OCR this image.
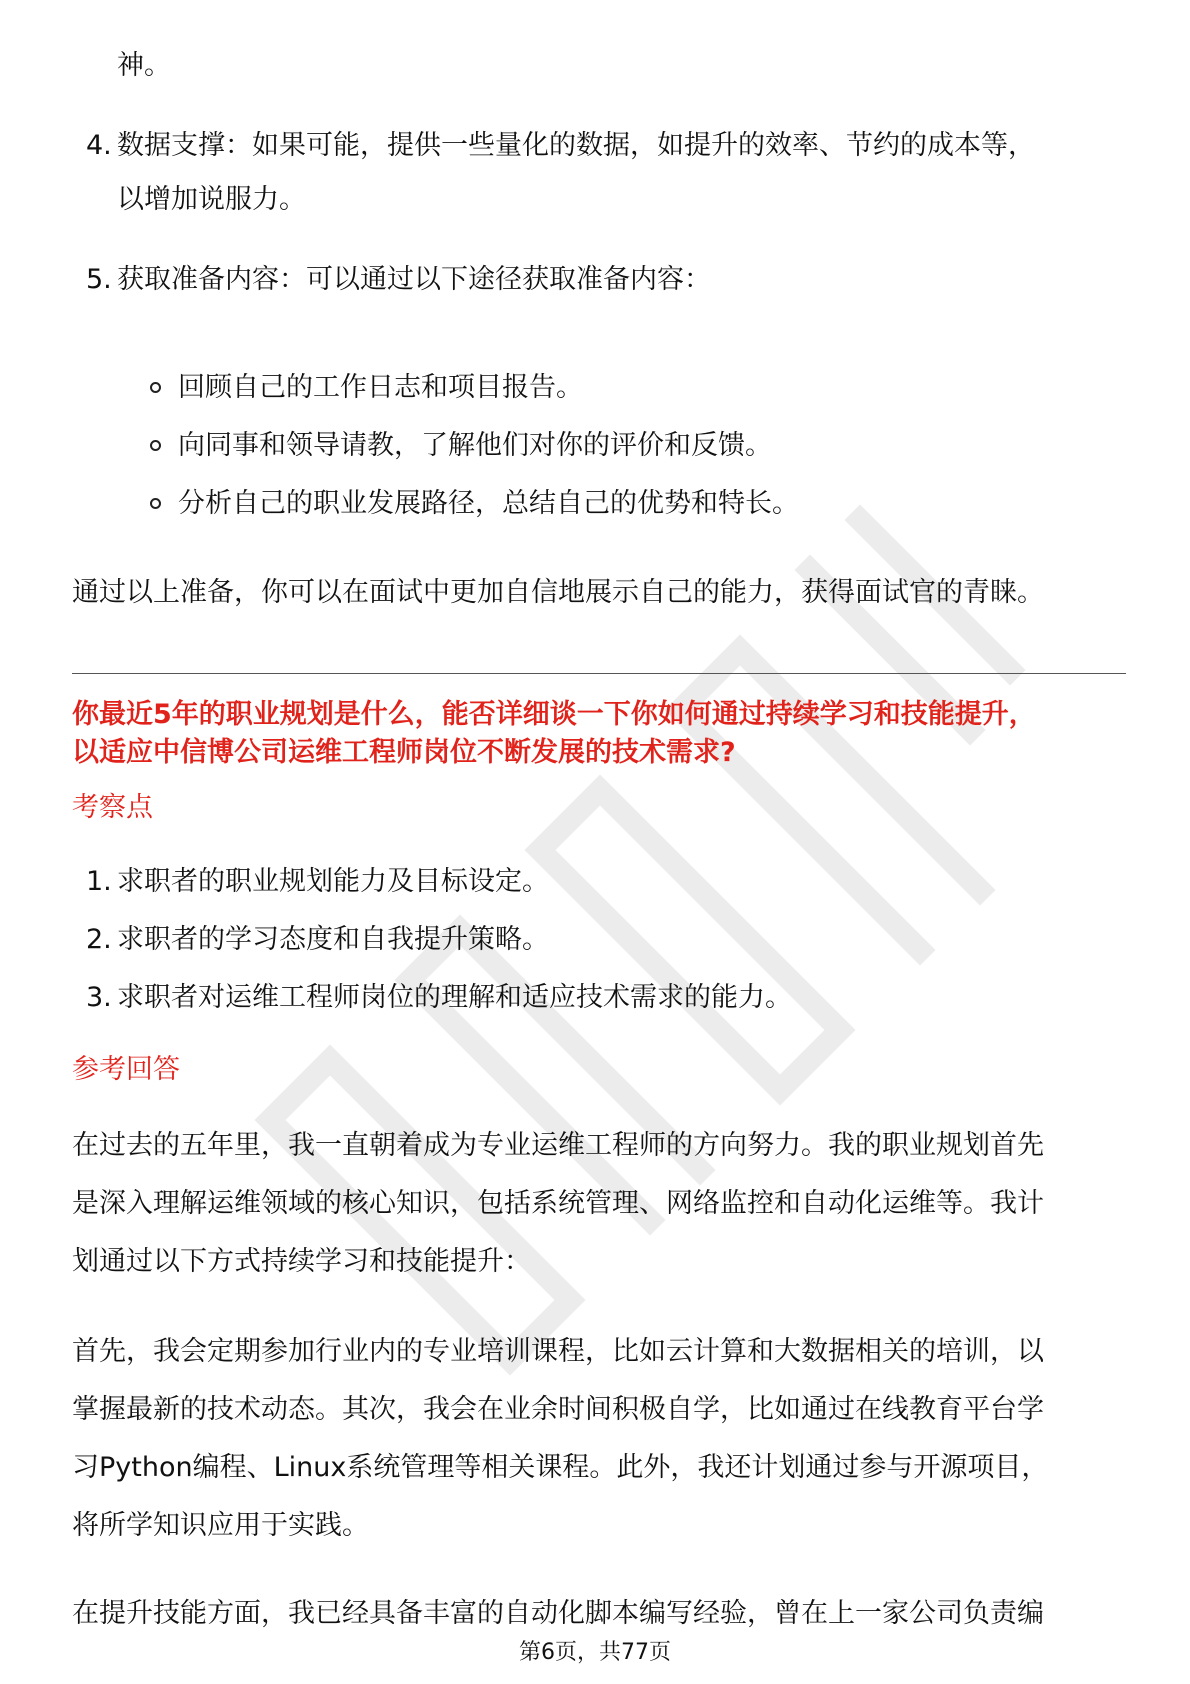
神。
4. 数据支撑：如果可能，提供一些量化的数据，如提升的效率、节约的成本等，
以增加说服力。
5. 获取准备内容：可以通过以下途径获取准备内容：
回顾自己的工作日志和项目报告。
向同事和领导请教，了解他们对你的评价和反馈。
分析自己的职业发展路径，总结自己的优势和特长。
通过以上准备，你可以在面试中更加自信地展示自己的能力，获得面试官的青睐。
你最近5年的职业规划是什么，能否详细谈一下你如何通过持续学习和技能提升，
以适应中信博公司运维工程师岗位不断发展的技术需求?
考察点
1. 求职者的职业规划能力及目标设定。
2. 求职者的学习态度和自我提升策略。
3. 求职者对运维工程师岗位的理解和适应技术需求的能力。
参考回答
在过去的五年里，我一直朝着成为专业运维工程师的方向努力。我的职业规划首先
是深入理解运维领域的核心知识，包括系统管理、网络监控和自动化运维等。我计
划通过以下方式持续学习和技能提升：
首先，我会定期参加行业内的专业培训课程，比如云计算和大数据相关的培训，以
掌握最新的技术动态。其次，我会在业余时间积极自学，比如通过在线教育平台学
习Python编程、Linux系统管理等相关课程。此外，我还计划通过参与开源项目，
将所学知识应用于实践。
在提升技能方面，我已经具备丰富的自动化脚本编写经验，曾在上一家公司负责编
第6页，共77页
